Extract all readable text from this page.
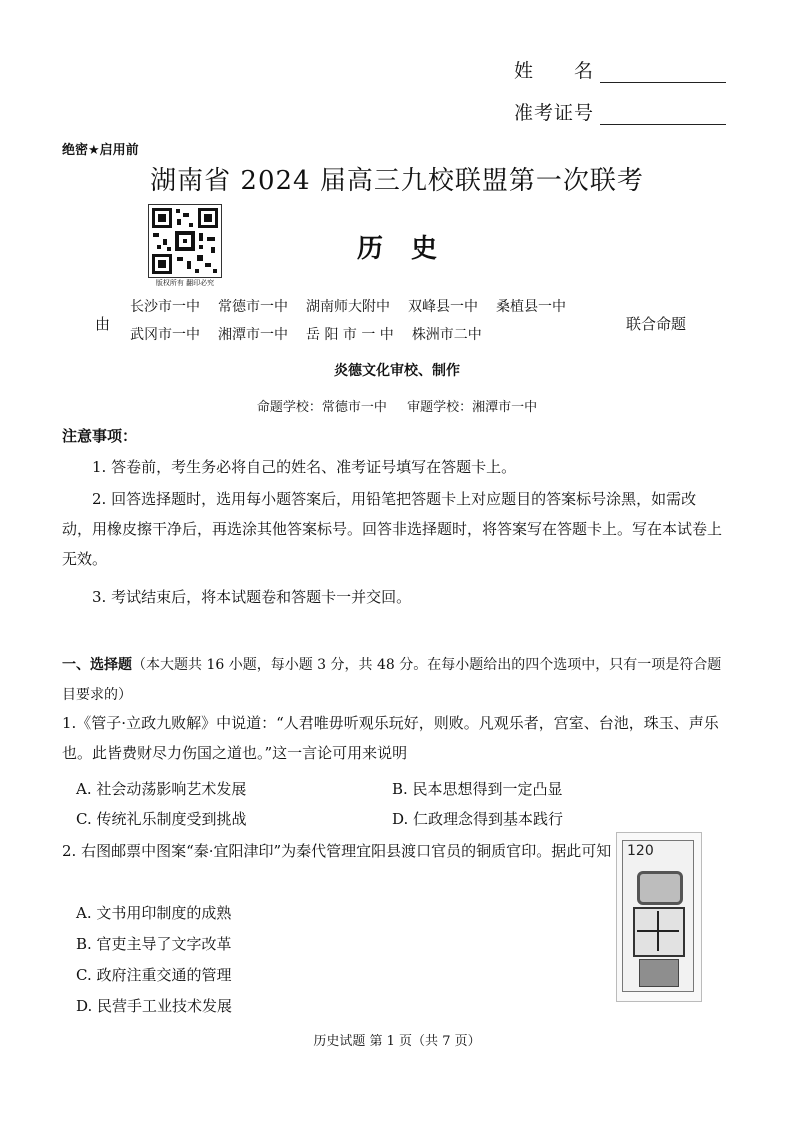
姓　　名
准考证号
绝密★启用前
湖南省 2024 届高三九校联盟第一次联考
版权所有 翻印必究
历史
由
长沙市一中 常德市一中 湖南师大附中 双峰县一中 桑植县一中
武冈市一中 湘潭市一中 岳 阳 市 一 中 株洲市二中
联合命题
炎德文化审校、制作
命题学校：常德市一中 审题学校：湘潭市一中
注意事项：
1. 答卷前，考生务必将自己的姓名、准考证号填写在答题卡上。
2. 回答选择题时，选用每小题答案后，用铅笔把答题卡上对应题目的答案标号涂黑，如需改动，用橡皮擦干净后，再选涂其他答案标号。回答非选择题时，将答案写在答题卡上。写在本试卷上无效。
3. 考试结束后，将本试题卷和答题卡一并交回。
一、选择题（本大题共 16 小题，每小题 3 分，共 48 分。在每小题给出的四个选项中，只有一项是符合题目要求的）
1.《管子·立政九败解》中说道：“人君唯毋听观乐玩好，则败。凡观乐者，宫室、台池，珠玉、声乐也。此皆费财尽力伤国之道也。”这一言论可用来说明
A. 社会动荡影响艺术发展	B. 民本思想得到一定凸显
C. 传统礼乐制度受到挑战	D. 仁政理念得到基本践行
2. 右图邮票中图案“秦·宜阳津印”为秦代管理宜阳县渡口官员的铜质官印。据此可知
A. 文书用印制度的成熟
B. 官吏主导了文字改革
C. 政府注重交通的管理
D. 民营手工业技术发展
120
历史试题 第 1 页（共 7 页）
